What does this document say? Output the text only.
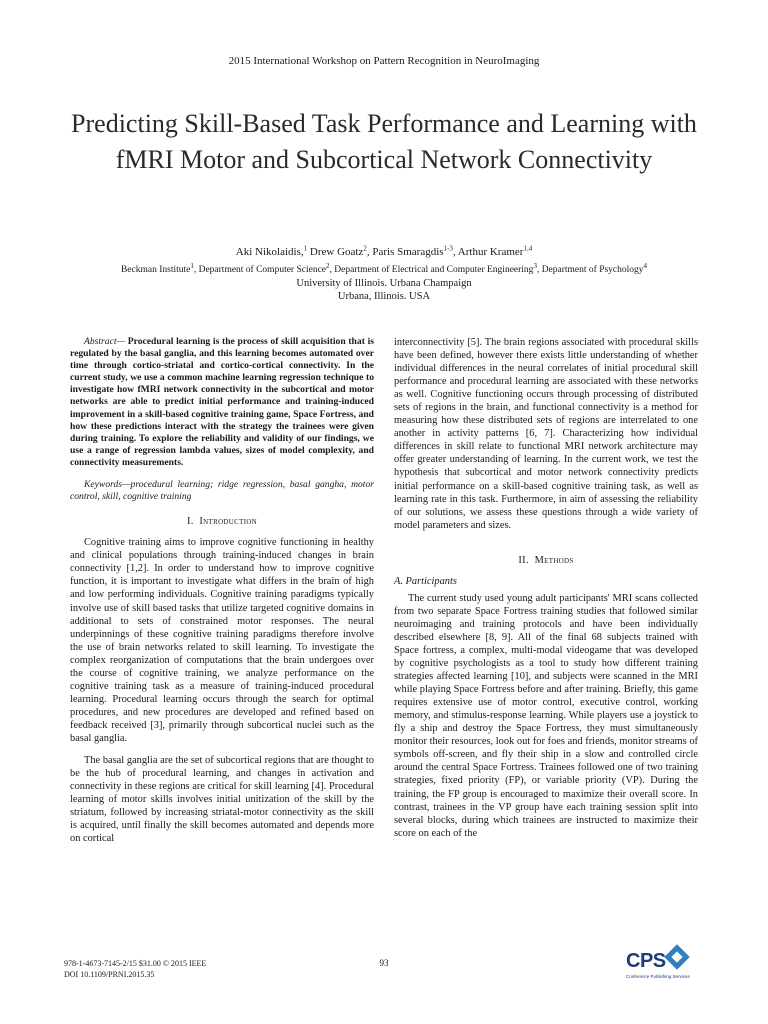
2015 International Workshop on Pattern Recognition in NeuroImaging
Predicting Skill-Based Task Performance and Learning with fMRI Motor and Subcortical Network Connectivity
Aki Nikolaidis,$^1$ Drew Goatz$^2$, Paris Smaragdis$^{1-3}$, Arthur Kramer$^{1,4}$
Beckman Institute$^1$, Department of Computer Science$^2$, Department of Electrical and Computer Engineering$^3$, Department of Psychology$^4$
University of Illinois. Urbana Champaign
Urbana, Illinois. USA

Abstract— Procedural learning is the process of skill acquisition that is regulated by the basal ganglia, and this learning becomes automated over time through cortico-striatal and cortico-cortical connectivity. In the current study, we use a common machine learning regression technique to investigate how fMRI network connectivity in the subcortical and motor networks are able to predict initial performance and training-induced improvement in a skill-based cognitive training game, Space Fortress, and how these predictions interact with the strategy the trainees were given during training. To explore the reliability and validity of our findings, we use a range of regression lambda values, sizes of model complexity, and connectivity measurements.

Keywords—procedural learning; ridge regression, basal gangha, motor control, skill, cognitive training

I. Introduction

Cognitive training aims to improve cognitive functioning in healthy and clinical populations through training-induced changes in brain connectivity [1,2]. In order to understand how to improve cognitive function, it is important to investigate what differs in the brain of high and low performing individuals. Cognitive training paradigms typically involve use of skill based tasks that utilize targeted cognitive domains in additional to sets of constrained motor responses. The neural underpinnings of these cognitive training paradigms therefore involve the use of brain networks related to skill learning. To investigate the complex reorganization of computations that the brain undergoes over the course of cognitive training, we analyze performance on the cognitive training task as a measure of training-induced procedural learning. Procedural learning occurs through the search for optimal procedures, and new procedures are developed and refined based on feedback received [3], primarily through subcortical nuclei such as the basal ganglia.

The basal ganglia are the set of subcortical regions that are thought to be the hub of procedural learning, and changes in activation and connectivity in these regions are critical for skill learning [4]. Procedural learning of motor skills involves initial unitization of the skill by the striatum, followed by increasing striatal-motor connectivity as the skill is acquired, until finally the skill becomes automated and depends more on cortical

interconnectivity [5]. The brain regions associated with procedural skills have been defined, however there exists little understanding of whether individual differences in the neural correlates of initial procedural skill performance and procedural learning are associated with these networks as well. Cognitive functioning occurs through processing of distributed sets of regions in the brain, and functional connectivity is a method for measuring how these distributed sets of regions are interrelated to one another in activity patterns [6, 7]. Characterizing how individual differences in skill relate to functional MRI network architecture may offer greater understanding of learning. In the current work, we test the hypothesis that subcortical and motor network connectivity predicts initial performance on a skill-based cognitive training task, as well as learning rate in this task. Furthermore, in aim of assessing the reliability of our solutions, we assess these questions through a wide variety of model parameters and sizes.

II. Methods
A. Participants

The current study used young adult participants' MRI scans collected from two separate Space Fortress training studies that followed similar neuroimaging and training protocols and have been individually described elsewhere [8, 9]. All of the final 68 subjects trained with Space fortress, a complex, multi-modal videogame that was developed by cognitive psychologists as a tool to study how different training strategies affected learning [10], and subjects were scanned in the MRI while playing Space Fortress before and after training. Briefly, this game requires extensive use of motor control, executive control, working memory, and stimulus-response learning. While players use a joystick to fly a ship and destroy the Space Fortress, they must simultaneously monitor their resources, look out for foes and friends, monitor streams of symbols off-screen, and fly their ship in a slow and controlled circle around the central Space Fortress. Trainees followed one of two training strategies, fixed priority (FP), or variable priority (VP). During the training, the FP group is encouraged to maximize their overall score. In contrast, trainees in the VP group have each training session split into several blocks, during which trainees are instructed to maximize their score on each of the

978-1-4673-7145-2/15 $31.00 © 2015 IEEE
DOI 10.1109/PRNI.2015.35
93	CPS
Conference Publishing Services
